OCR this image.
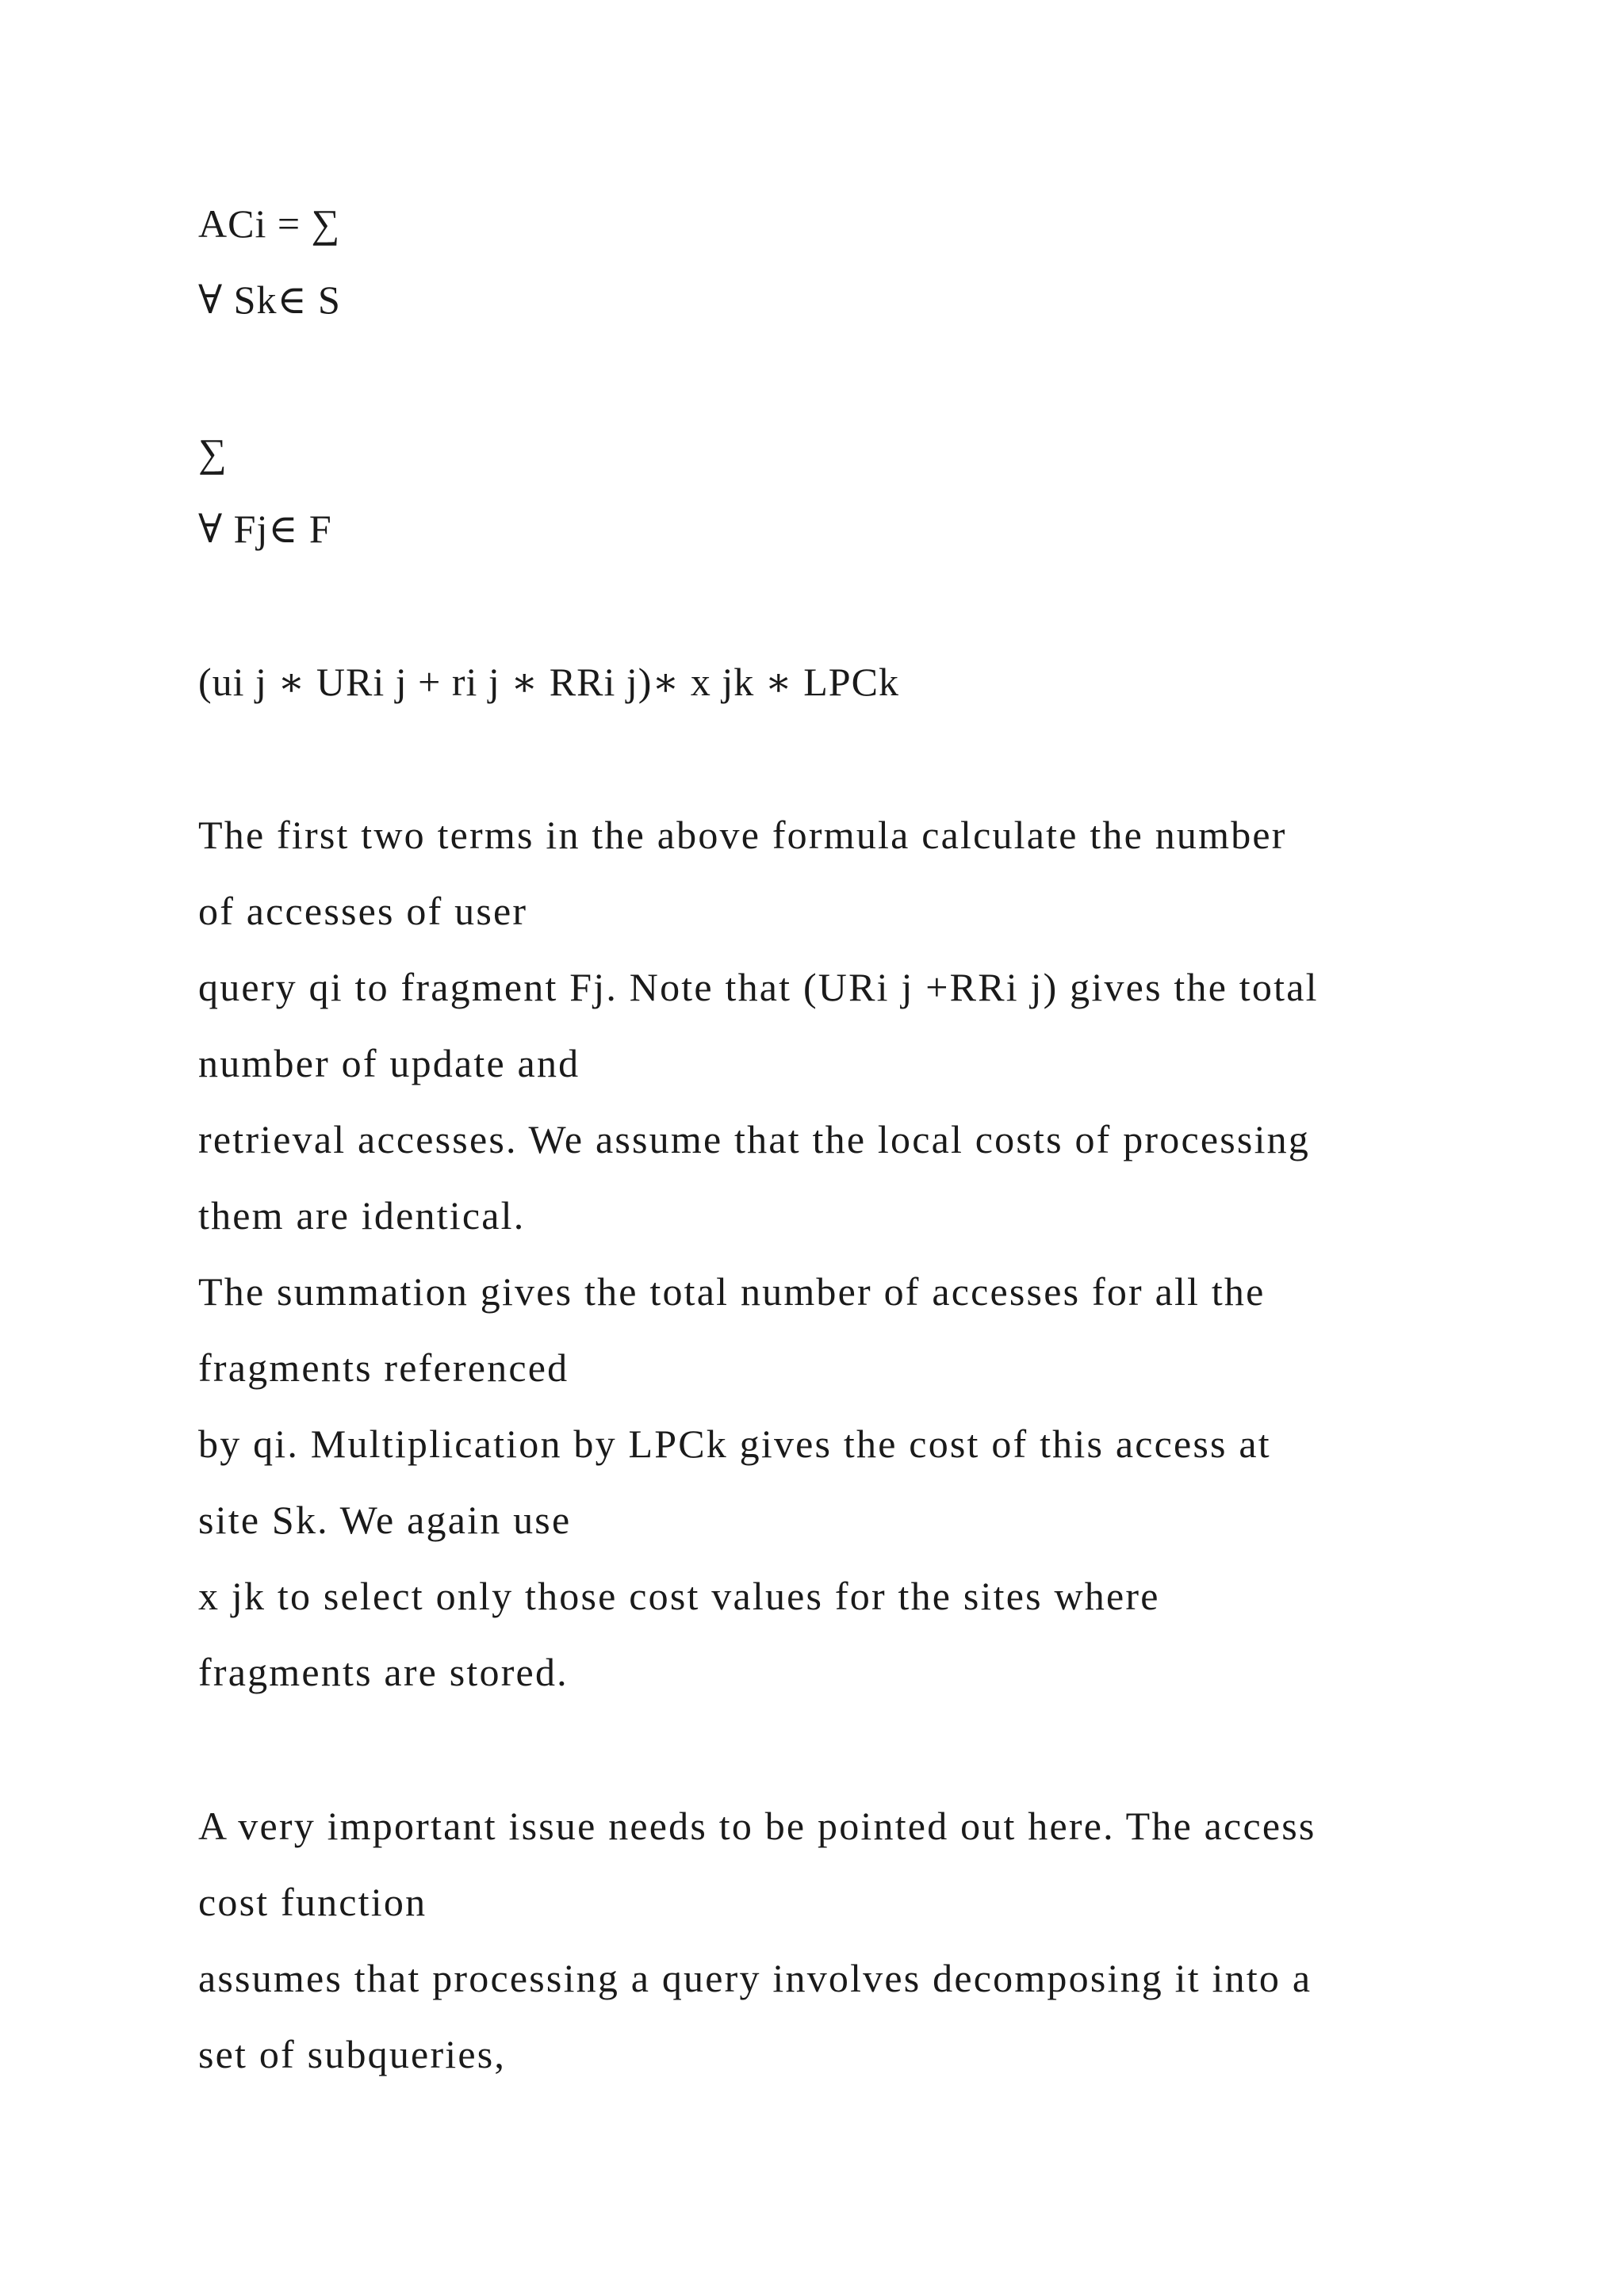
ACi = ∑
∀ Sk∈ S
∑
∀ Fj∈ F
(ui j ∗ URi j + ri j ∗ RRi j)∗ x jk ∗ LPCk
The first two terms in the above formula calculate the number
of accesses of user
query qi to fragment Fj. Note that (URi j +RRi j) gives the total
number of update and
retrieval accesses. We assume that the local costs of processing
them are identical.
The summation gives the total number of accesses for all the
fragments referenced
by qi. Multiplication by LPCk gives the cost of this access at
site Sk. We again use
x jk to select only those cost values for the sites where
fragments are stored.
A very important issue needs to be pointed out here. The access
cost function
assumes that processing a query involves decomposing it into a
set of subqueries,
